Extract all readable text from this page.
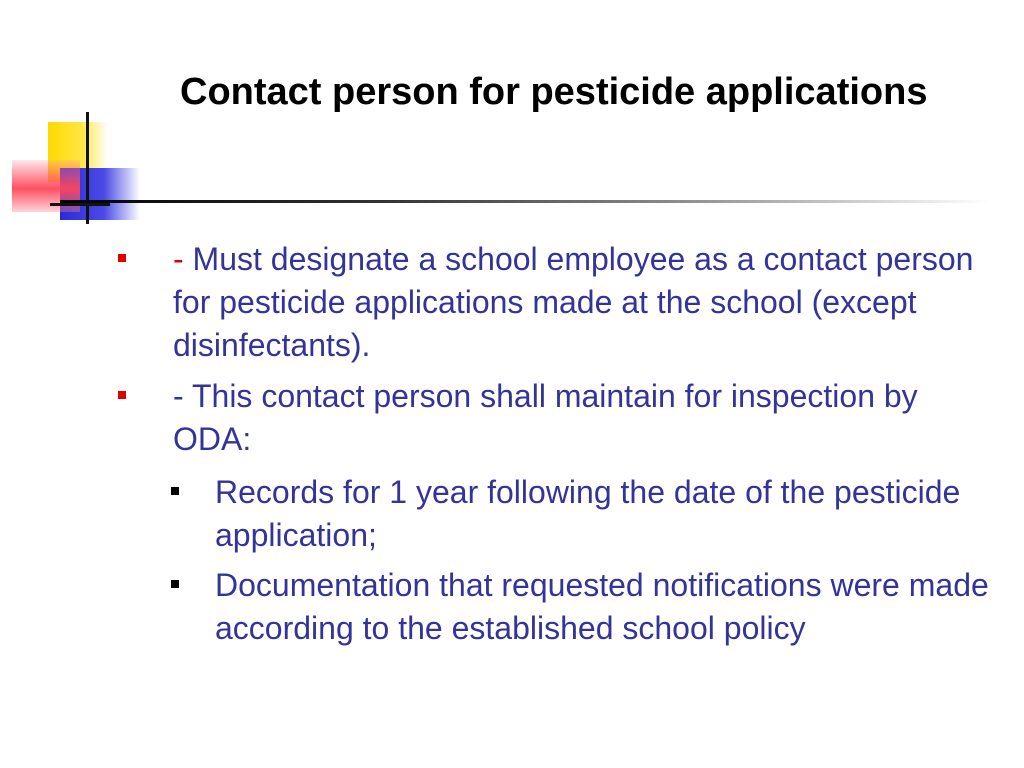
Contact person for pesticide applications

- Must designate a school employee as a contact person for pesticide applications made at the school (except disinfectants).

- This contact person shall maintain for inspection by ODA:

Records for 1 year following the date of the pesticide application;

Documentation that requested notifications were made according to the established school policy
